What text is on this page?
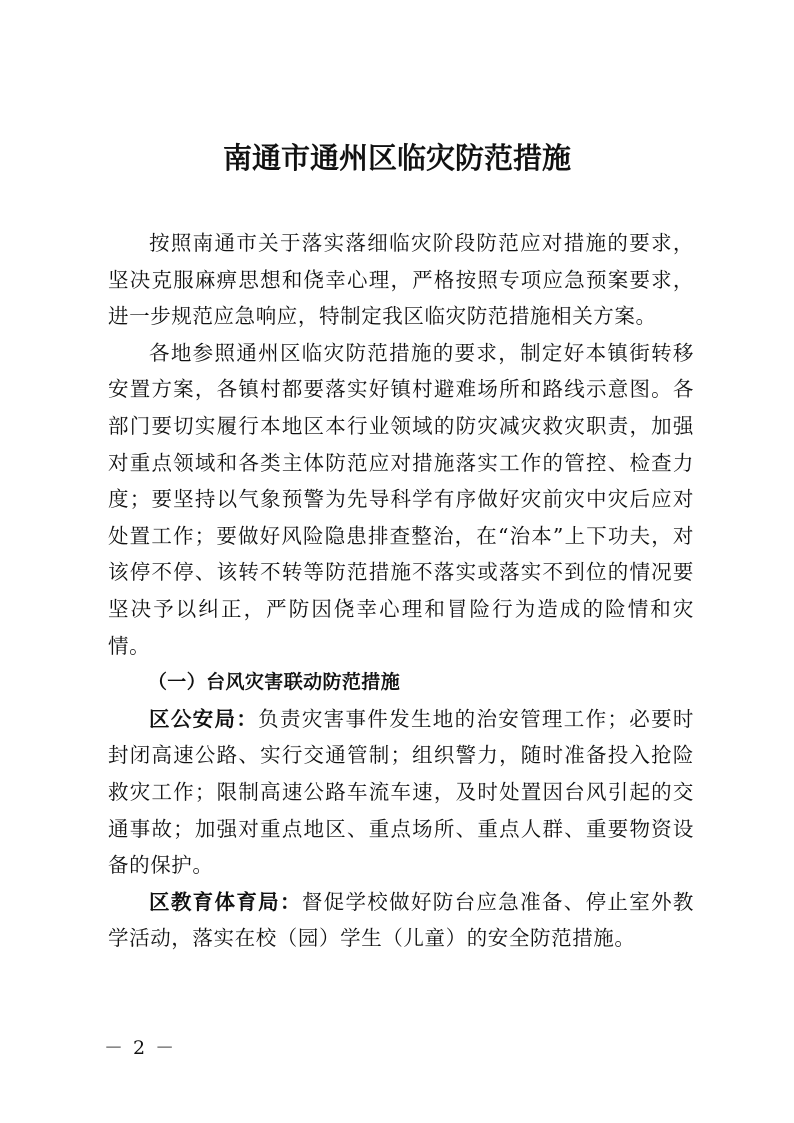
南通市通州区临灾防范措施

按照南通市关于落实落细临灾阶段防范应对措施的要求，坚决克服麻痹思想和侥幸心理，严格按照专项应急预案要求，进一步规范应急响应，特制定我区临灾防范措施相关方案。

各地参照通州区临灾防范措施的要求，制定好本镇街转移安置方案，各镇村都要落实好镇村避难场所和路线示意图。各部门要切实履行本地区本行业领域的防灾减灾救灾职责，加强对重点领域和各类主体防范应对措施落实工作的管控、检查力度；要坚持以气象预警为先导科学有序做好灾前灾中灾后应对处置工作；要做好风险隐患排查整治，在“治本”上下功夫，对该停不停、该转不转等防范措施不落实或落实不到位的情况要坚决予以纠正，严防因侥幸心理和冒险行为造成的险情和灾情。

（一）台风灾害联动防范措施

区公安局：负责灾害事件发生地的治安管理工作；必要时封闭高速公路、实行交通管制；组织警力，随时准备投入抢险救灾工作；限制高速公路车流车速，及时处置因台风引起的交通事故；加强对重点地区、重点场所、重点人群、重要物资设备的保护。

区教育体育局：督促学校做好防台应急准备、停止室外教学活动，落实在校（园）学生（儿童）的安全防范措施。

－ 2 －
